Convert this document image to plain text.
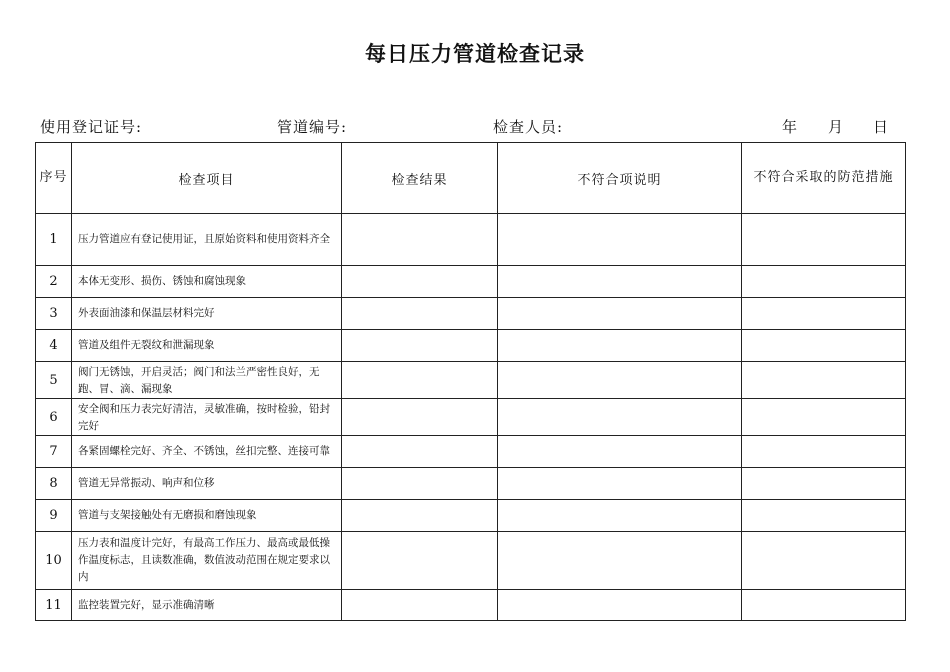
每日压力管道检查记录
使用登记证号:	管道编号:	检查人员:	年 月 日
序号	检查项目	检查结果	不符合项说明	不符合采取的防范措施
1	压力管道应有登记使用证，且原始资料和使用资料齐全			
2	本体无变形、损伤、锈蚀和腐蚀现象			
3	外表面油漆和保温层材料完好			
4	管道及组件无裂纹和泄漏现象			
5	阀门无锈蚀，开启灵活；阀门和法兰严密性良好，无跑、冒、滴、漏现象			

6	安全阀和压力表完好清洁，灵敏准确，按时检验，铅封完好			

7	各紧固螺栓完好、齐全、不锈蚀，丝扣完整、连接可靠			

8	管道无异常振动、响声和位移			
9	管道与支架接触处有无磨损和磨蚀现象			
10	压力表和温度计完好，有最高工作压力、最高或最低操作温度标志，且读数准确，数值波动范围在规定要求以内			
11	监控装置完好，显示准确清晰			
